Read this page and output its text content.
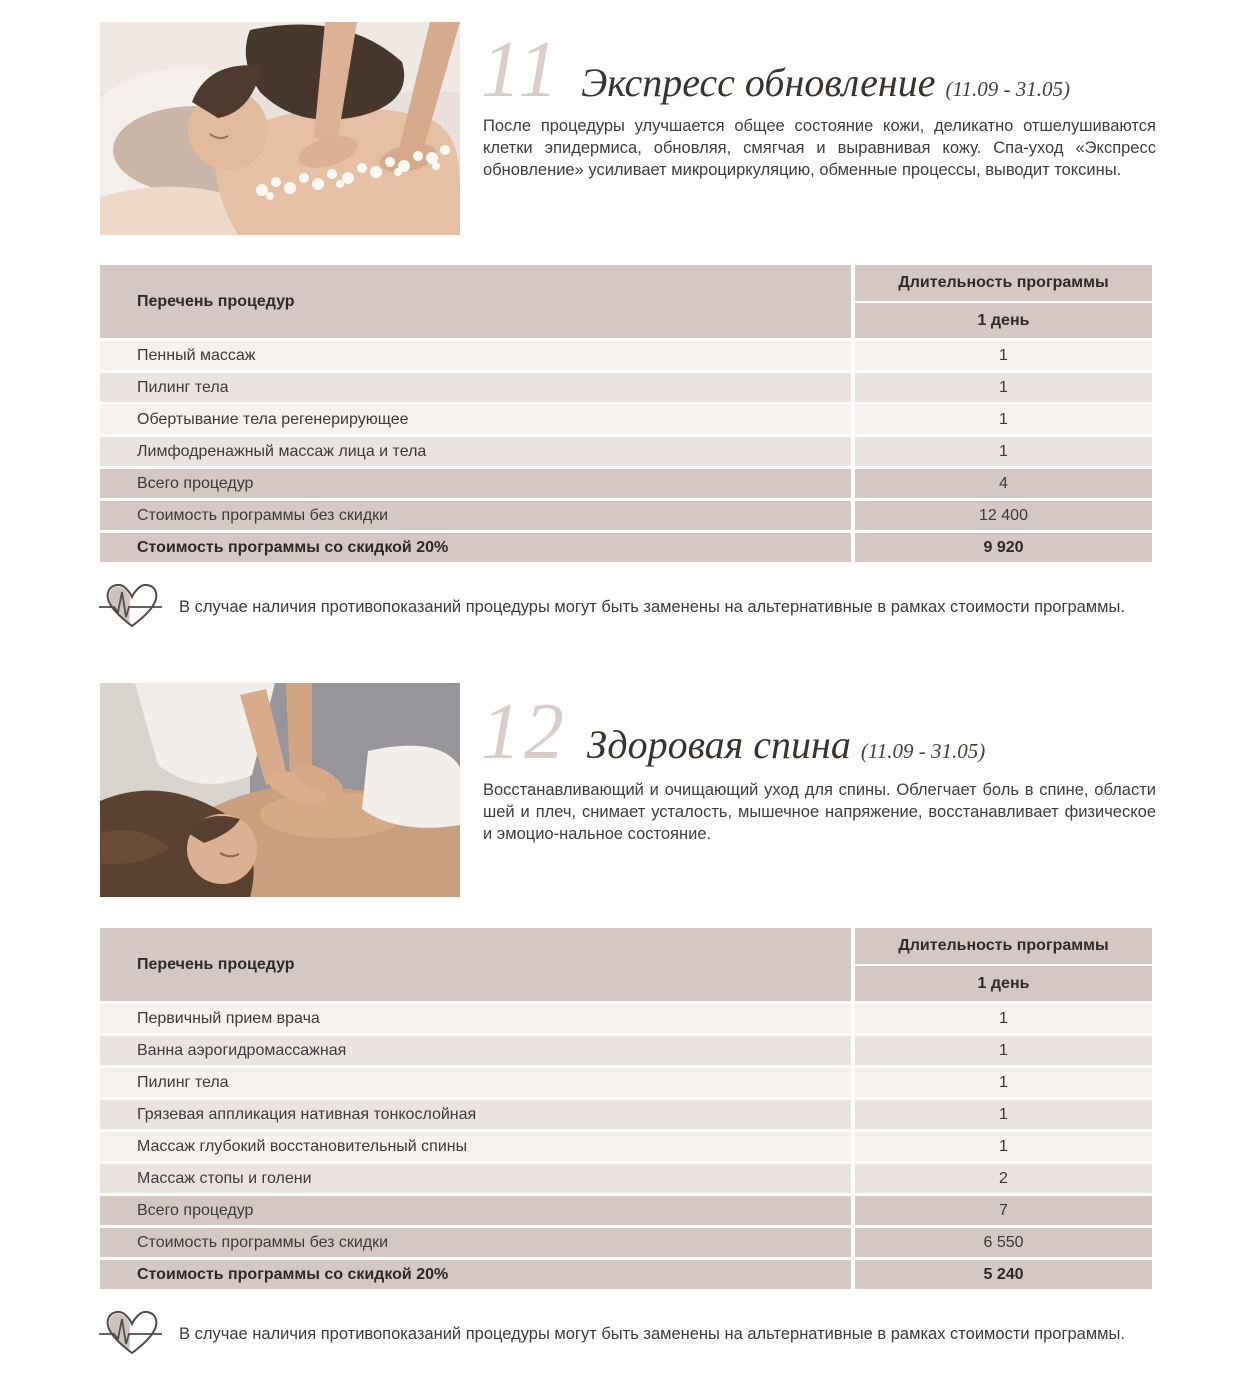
11 Экспресс обновление (11.09 - 31.05)
После процедуры улучшается общее состояние кожи, деликатно отшелушиваются клетки эпидермиса, обновляя, смягчая и выравнивая кожу. Спа-уход «Экспресс обновление» усиливает микроциркуляцию, обменные процессы, выводит токсины.
Перечень процедур
Длительность программы
1 день
Пенный массаж	1
Пилинг тела	1
Обертывание тела регенерирующее	1
Лимфодренажный массаж лица и тела	1
Всего процедур	4
Стоимость программы без скидки	12 400
Стоимость программы со скидкой 20%	9 920
В случае наличия противопоказаний процедуры могут быть заменены на альтернативные в рамках стоимости программы.
12 Здоровая спина (11.09 - 31.05)
Восстанавливающий и очищающий уход для спины. Облегчает боль в спине, области шей и плеч, снимает усталость, мышечное напряжение, восстанавливает физическое и эмоцио-нальное состояние.
Перечень процедур
Длительность программы
1 день
Первичный прием врача	1
Ванна аэрогидромассажная	1
Пилинг тела	1
Грязевая аппликация нативная тонкослойная	1
Массаж глубокий восстановительный спины	1
Массаж стопы и голени	2
Всего процедур	7
Стоимость программы без скидки	6 550
Стоимость программы со скидкой 20%	5 240
В случае наличия противопоказаний процедуры могут быть заменены на альтернативные в рамках стоимости программы.
